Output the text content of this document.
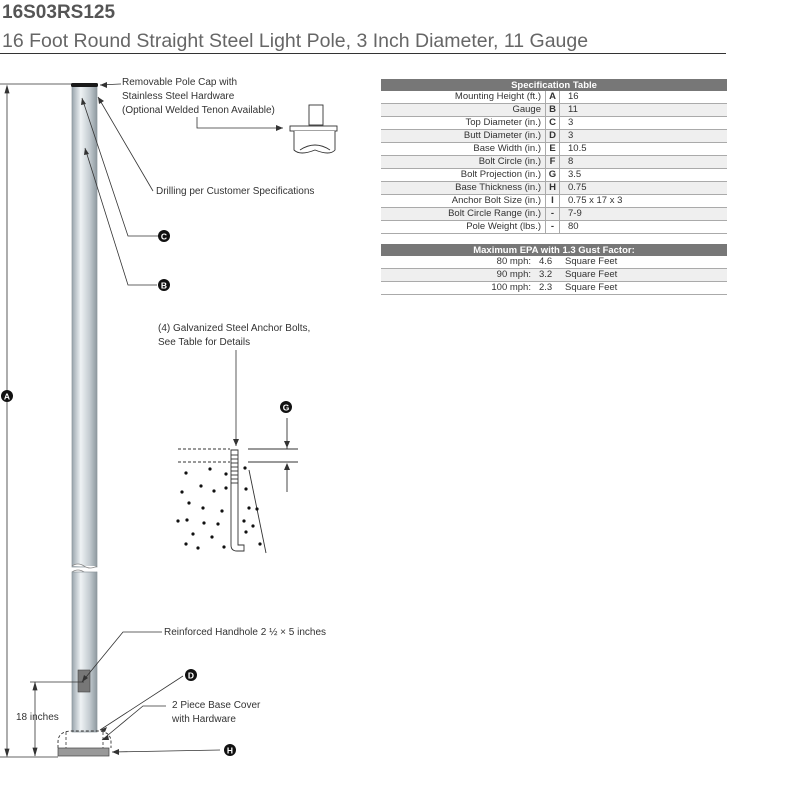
16S03RS125
16 Foot Round Straight Steel Light Pole, 3 Inch Diameter, 11 Gauge
A
C
B
G
D
H
Removable Pole Cap with
Stainless Steel Hardware
(Optional Welded Tenon Available)
Drilling per Customer Specifications
(4) Galvanized Steel Anchor Bolts,
See Table for Details
Reinforced Handhole 2 ½ × 5 inches
2 Piece Base Cover
with Hardware
18 inches
Specification Table		
Mounting Height (ft.)	A	16
Gauge	B	11
Top Diameter (in.)	C	3
Butt Diameter (in.)	D	3
Base Width (in.)	E	10.5
Bolt Circle (in.)	F	8
Bolt Projection (in.)	G	3.5
Base Thickness (in.)	H	0.75
Anchor Bolt Size (in.)	I	0.75 x 17 x 3
Bolt Circle Range (in.)	-	7-9
Pole Weight (lbs.)	-	80
Maximum EPA with 1.3 Gust Factor:		
80 mph:	4.6	Square Feet
90 mph:	3.2	Square Feet
100 mph:	2.3	Square Feet
